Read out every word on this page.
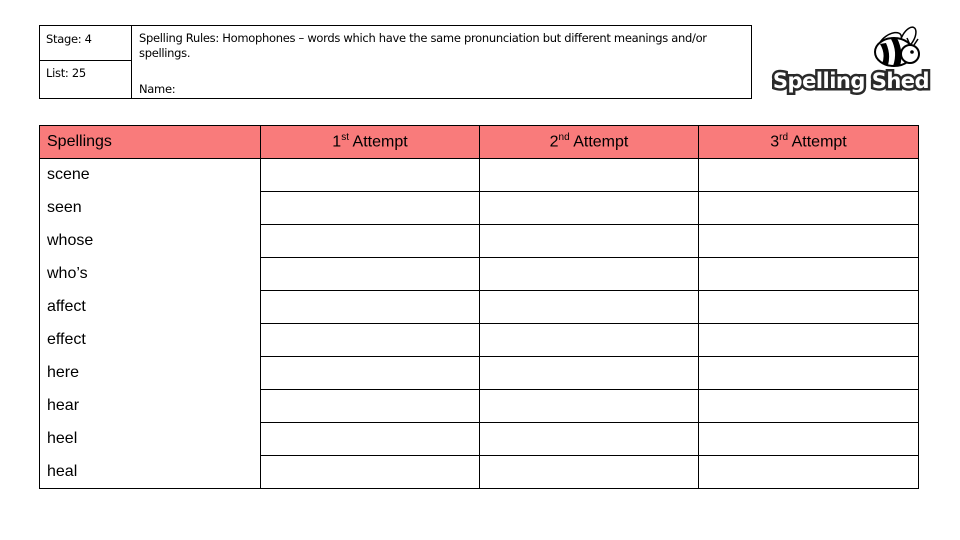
Stage: 4
List: 25
Spelling Rules: Homophones – words which have the same pronunciation but different meanings and/or spellings.
Name:	Spelling Shed
Spellings	1st Attempt	2nd Attempt	3rd Attempt
scene			
seen			
whose			
who’s			
affect			
effect			
here			
hear			
heel			
heal			
